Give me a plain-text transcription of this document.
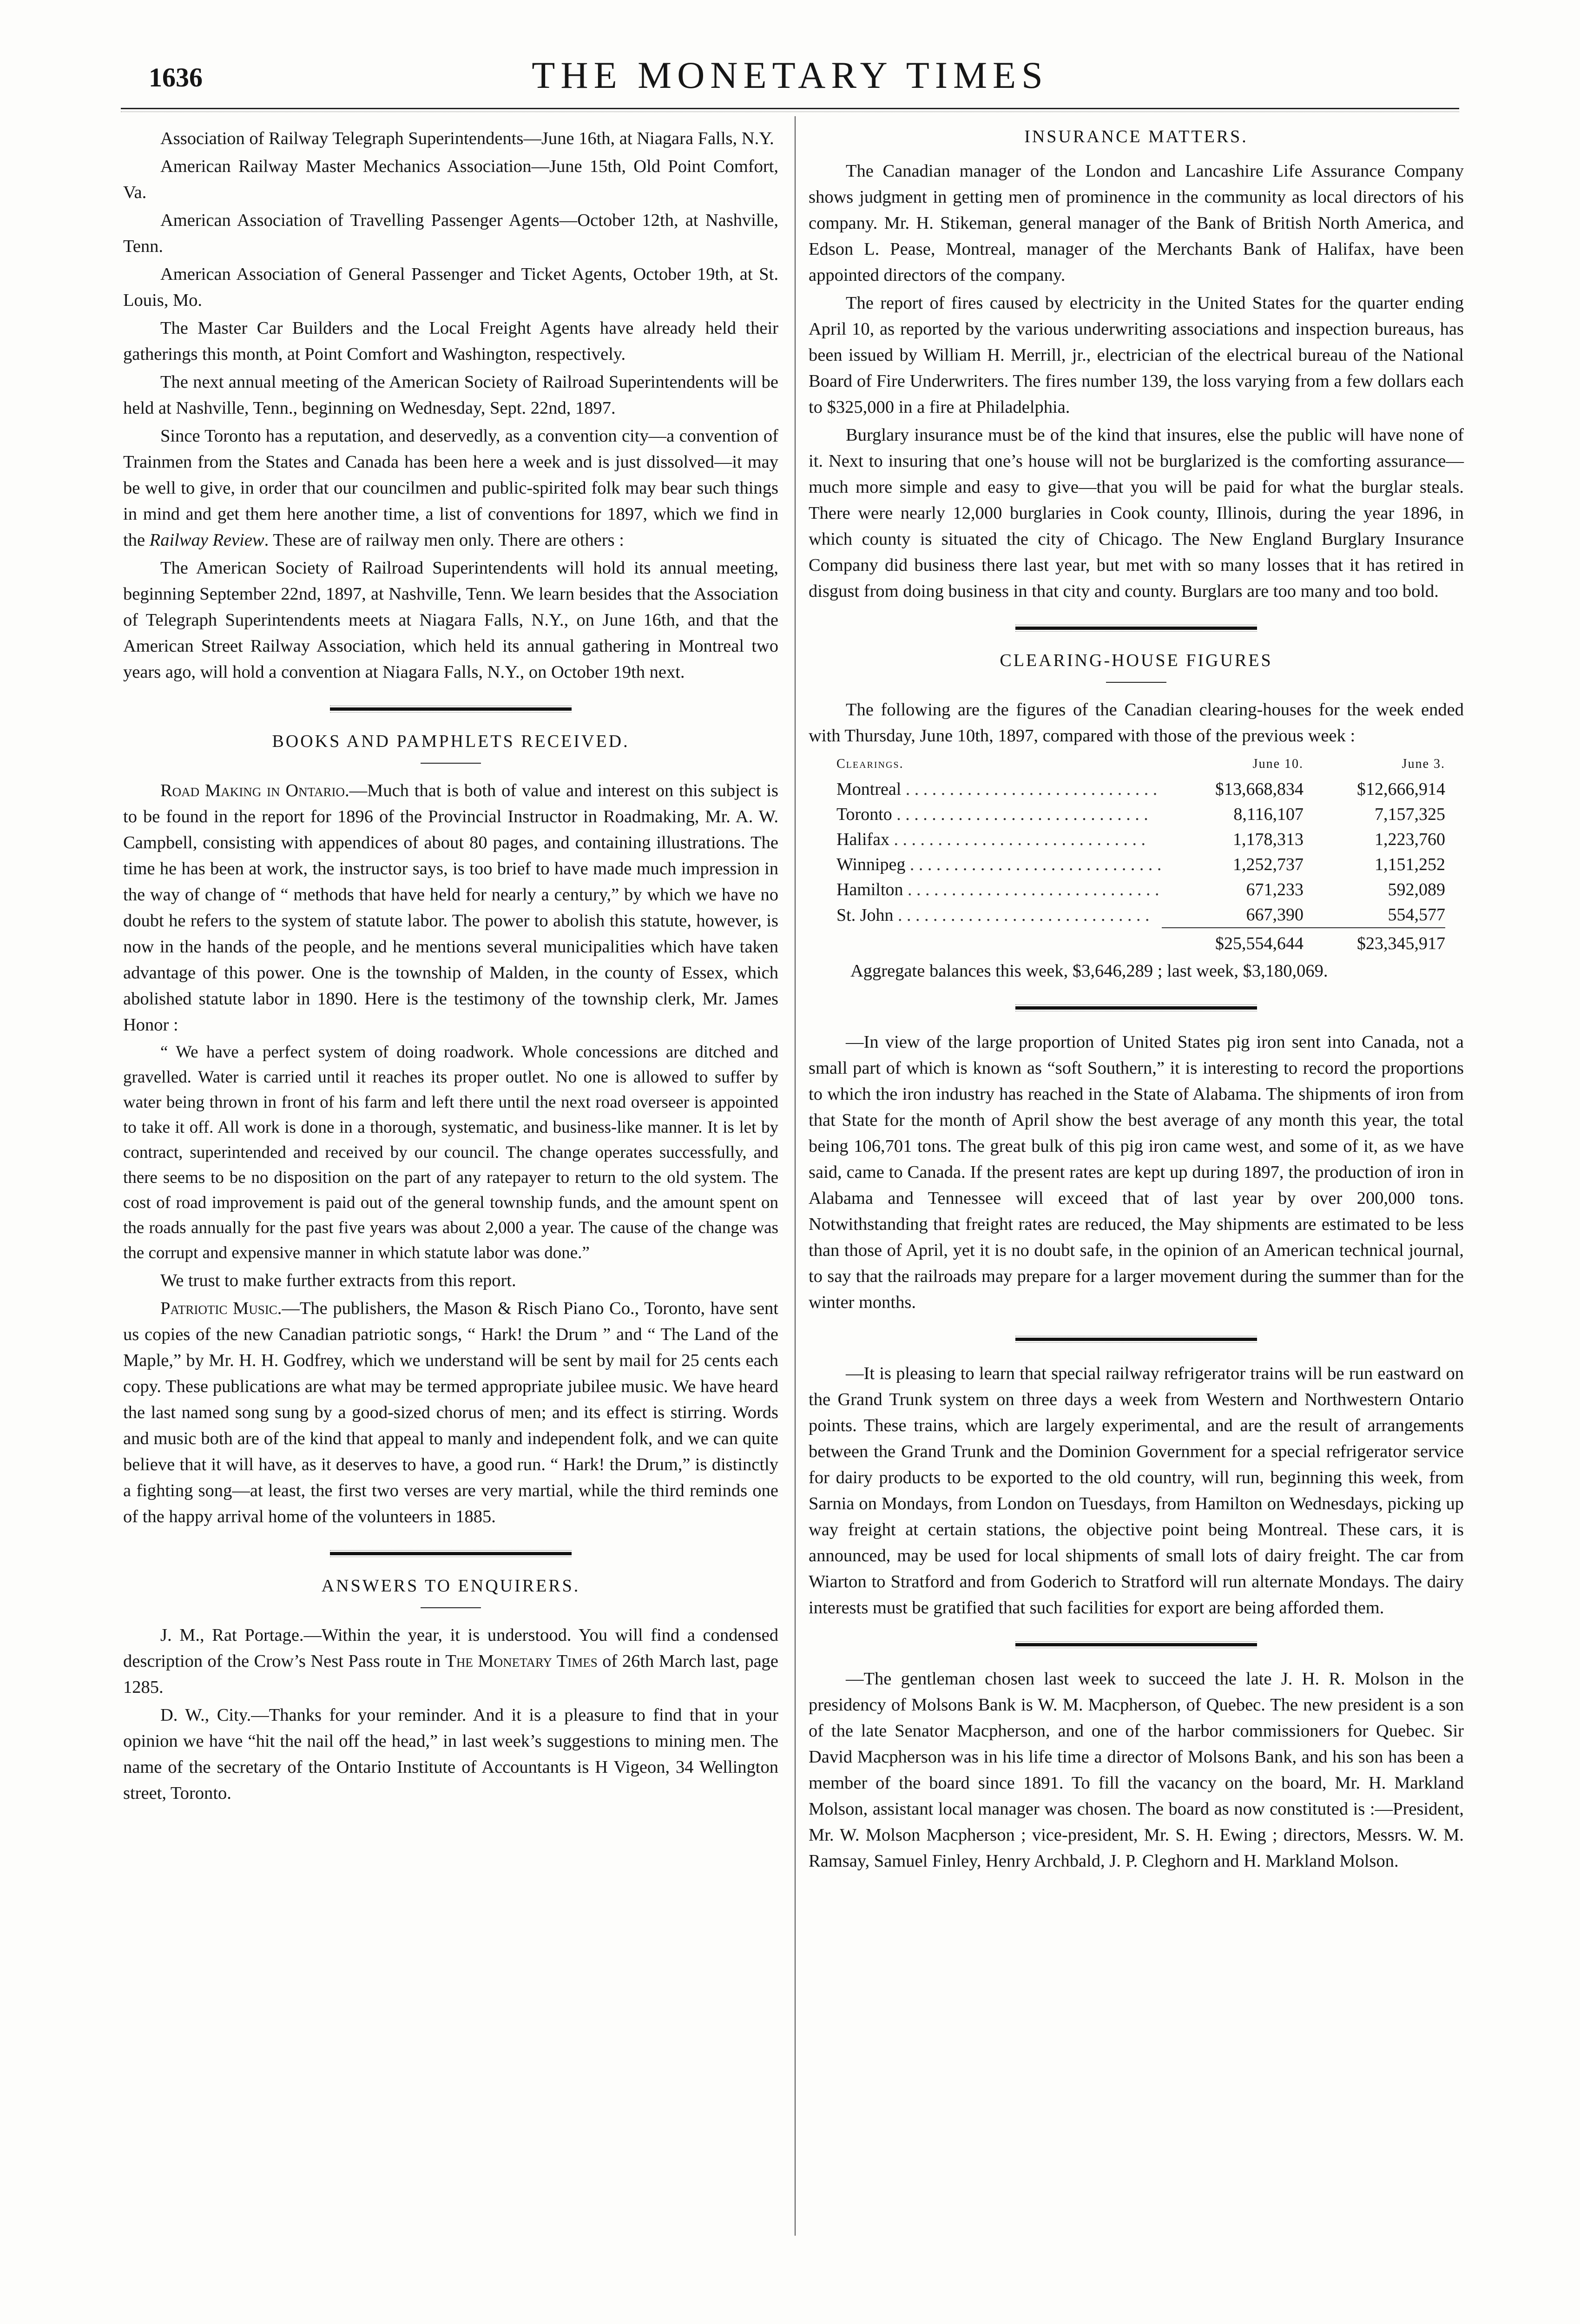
1636	THE MONETARY TIMES

Association of Railway Telegraph Superintendents—June 16th, at Niagara Falls, N.Y.

American Railway Master Mechanics Association—June 15th, Old Point Comfort, Va.

American Association of Travelling Passenger Agents—October 12th, at Nashville, Tenn.

American Association of General Passenger and Ticket Agents, October 19th, at St. Louis, Mo.

The Master Car Builders and the Local Freight Agents have already held their gatherings this month, at Point Comfort and Washington, respectively.

The next annual meeting of the American Society of Railroad Superintendents will be held at Nashville, Tenn., beginning on Wednesday, Sept. 22nd, 1897.

Since Toronto has a reputation, and deservedly, as a convention city—a convention of Trainmen from the States and Canada has been here a week and is just dissolved—it may be well to give, in order that our councilmen and public-spirited folk may bear such things in mind and get them here another time, a list of conventions for 1897, which we find in the Railway Review. These are of railway men only. There are others :

The American Society of Railroad Superintendents will hold its annual meeting, beginning September 22nd, 1897, at Nashville, Tenn. We learn besides that the Association of Telegraph Superintendents meets at Niagara Falls, N.Y., on June 16th, and that the American Street Railway Association, which held its annual gathering in Montreal two years ago, will hold a convention at Niagara Falls, N.Y., on October 19th next.

BOOKS AND PAMPHLETS RECEIVED.

Road Making in Ontario.—Much that is both of value and interest on this subject is to be found in the report for 1896 of the Provincial Instructor in Roadmaking, Mr. A. W. Campbell, consisting with appendices of about 80 pages, and containing illustrations. The time he has been at work, the instructor says, is too brief to have made much impression in the way of change of “ methods that have held for nearly a century,” by which we have no doubt he refers to the system of statute labor. The power to abolish this statute, however, is now in the hands of the people, and he mentions several municipalities which have taken advantage of this power. One is the township of Malden, in the county of Essex, which abolished statute labor in 1890. Here is the testimony of the township clerk, Mr. James Honor :

“ We have a perfect system of doing roadwork. Whole concessions are ditched and gravelled. Water is carried until it reaches its proper outlet. No one is allowed to suffer by water being thrown in front of his farm and left there until the next road overseer is appointed to take it off. All work is done in a thorough, systematic, and business-like manner. It is let by contract, superintended and received by our council. The change operates successfully, and there seems to be no disposition on the part of any ratepayer to return to the old system. The cost of road improvement is paid out of the general township funds, and the amount spent on the roads annually for the past five years was about 2,000 a year. The cause of the change was the corrupt and expensive manner in which statute labor was done.”

We trust to make further extracts from this report.

Patriotic Music.—The publishers, the Mason & Risch Piano Co., Toronto, have sent us copies of the new Canadian patriotic songs, “ Hark! the Drum ” and “ The Land of the Maple,” by Mr. H. H. Godfrey, which we understand will be sent by mail for 25 cents each copy. These publications are what may be termed appropriate jubilee music. We have heard the last named song sung by a good-sized chorus of men; and its effect is stirring. Words and music both are of the kind that appeal to manly and independent folk, and we can quite believe that it will have, as it deserves to have, a good run. “ Hark! the Drum,” is distinctly a fighting song—at least, the first two verses are very martial, while the third reminds one of the happy arrival home of the volunteers in 1885.

ANSWERS TO ENQUIRERS.

J. M., Rat Portage.—Within the year, it is understood. You will find a condensed description of the Crow’s Nest Pass route in The Monetary Times of 26th March last, page 1285.

D. W., City.—Thanks for your reminder. And it is a pleasure to find that in your opinion we have “hit the nail off the head,” in last week’s suggestions to mining men. The name of the secretary of the Ontario Institute of Accountants is H Vigeon, 34 Wellington street, Toronto.

INSURANCE MATTERS.

The Canadian manager of the London and Lancashire Life Assurance Company shows judgment in getting men of prominence in the community as local directors of his company. Mr. H. Stikeman, general manager of the Bank of British North America, and Edson L. Pease, Montreal, manager of the Merchants Bank of Halifax, have been appointed directors of the company.

The report of fires caused by electricity in the United States for the quarter ending April 10, as reported by the various underwriting associations and inspection bureaus, has been issued by William H. Merrill, jr., electrician of the electrical bureau of the National Board of Fire Underwriters. The fires number 139, the loss varying from a few dollars each to $325,000 in a fire at Philadelphia.

Burglary insurance must be of the kind that insures, else the public will have none of it. Next to insuring that one’s house will not be burglarized is the comforting assurance—much more simple and easy to give—that you will be paid for what the burglar steals. There were nearly 12,000 burglaries in Cook county, Illinois, during the year 1896, in which county is situated the city of Chicago. The New England Burglary Insurance Company did business there last year, but met with so many losses that it has retired in disgust from doing business in that city and county. Burglars are too many and too bold.

CLEARING-HOUSE FIGURES

The following are the figures of the Canadian clearing-houses for the week ended with Thursday, June 10th, 1897, compared with those of the previous week :

Clearings.	June 10.	June 3.
Montreal . . . . . . . . . . . . . . . . . . . . . . . . . . . . .	$13,668,834	$12,666,914
Toronto . . . . . . . . . . . . . . . . . . . . . . . . . . . . .	8,116,107	7,157,325
Halifax . . . . . . . . . . . . . . . . . . . . . . . . . . . . .	1,178,313	1,223,760
Winnipeg . . . . . . . . . . . . . . . . . . . . . . . . . . . . .	1,252,737	1,151,252
Hamilton . . . . . . . . . . . . . . . . . . . . . . . . . . . . .	671,233	592,089
St. John . . . . . . . . . . . . . . . . . . . . . . . . . . . . .	667,390	554,577
	$25,554,644	$23,345,917

Aggregate balances this week, $3,646,289 ; last week, $3,180,069.

—In view of the large proportion of United States pig iron sent into Canada, not a small part of which is known as “soft Southern,” it is interesting to record the proportions to which the iron industry has reached in the State of Alabama. The shipments of iron from that State for the month of April show the best average of any month this year, the total being 106,701 tons. The great bulk of this pig iron came west, and some of it, as we have said, came to Canada. If the present rates are kept up during 1897, the production of iron in Alabama and Tennessee will exceed that of last year by over 200,000 tons. Notwithstanding that freight rates are reduced, the May shipments are estimated to be less than those of April, yet it is no doubt safe, in the opinion of an American technical journal, to say that the railroads may prepare for a larger movement during the summer than for the winter months.

—It is pleasing to learn that special railway refrigerator trains will be run eastward on the Grand Trunk system on three days a week from Western and Northwestern Ontario points. These trains, which are largely experimental, and are the result of arrangements between the Grand Trunk and the Dominion Government for a special refrigerator service for dairy products to be exported to the old country, will run, beginning this week, from Sarnia on Mondays, from London on Tuesdays, from Hamilton on Wednesdays, picking up way freight at certain stations, the objective point being Montreal. These cars, it is announced, may be used for local shipments of small lots of dairy freight. The car from Wiarton to Stratford and from Goderich to Stratford will run alternate Mondays. The dairy interests must be gratified that such facilities for export are being afforded them.

—The gentleman chosen last week to succeed the late J. H. R. Molson in the presidency of Molsons Bank is W. M. Macpherson, of Quebec. The new president is a son of the late Senator Macpherson, and one of the harbor commissioners for Quebec. Sir David Macpherson was in his life time a director of Molsons Bank, and his son has been a member of the board since 1891. To fill the vacancy on the board, Mr. H. Markland Molson, assistant local manager was chosen. The board as now constituted is :—President, Mr. W. Molson Macpherson ; vice-president, Mr. S. H. Ewing ; directors, Messrs. W. M. Ramsay, Samuel Finley, Henry Archbald, J. P. Cleghorn and H. Markland Molson.
